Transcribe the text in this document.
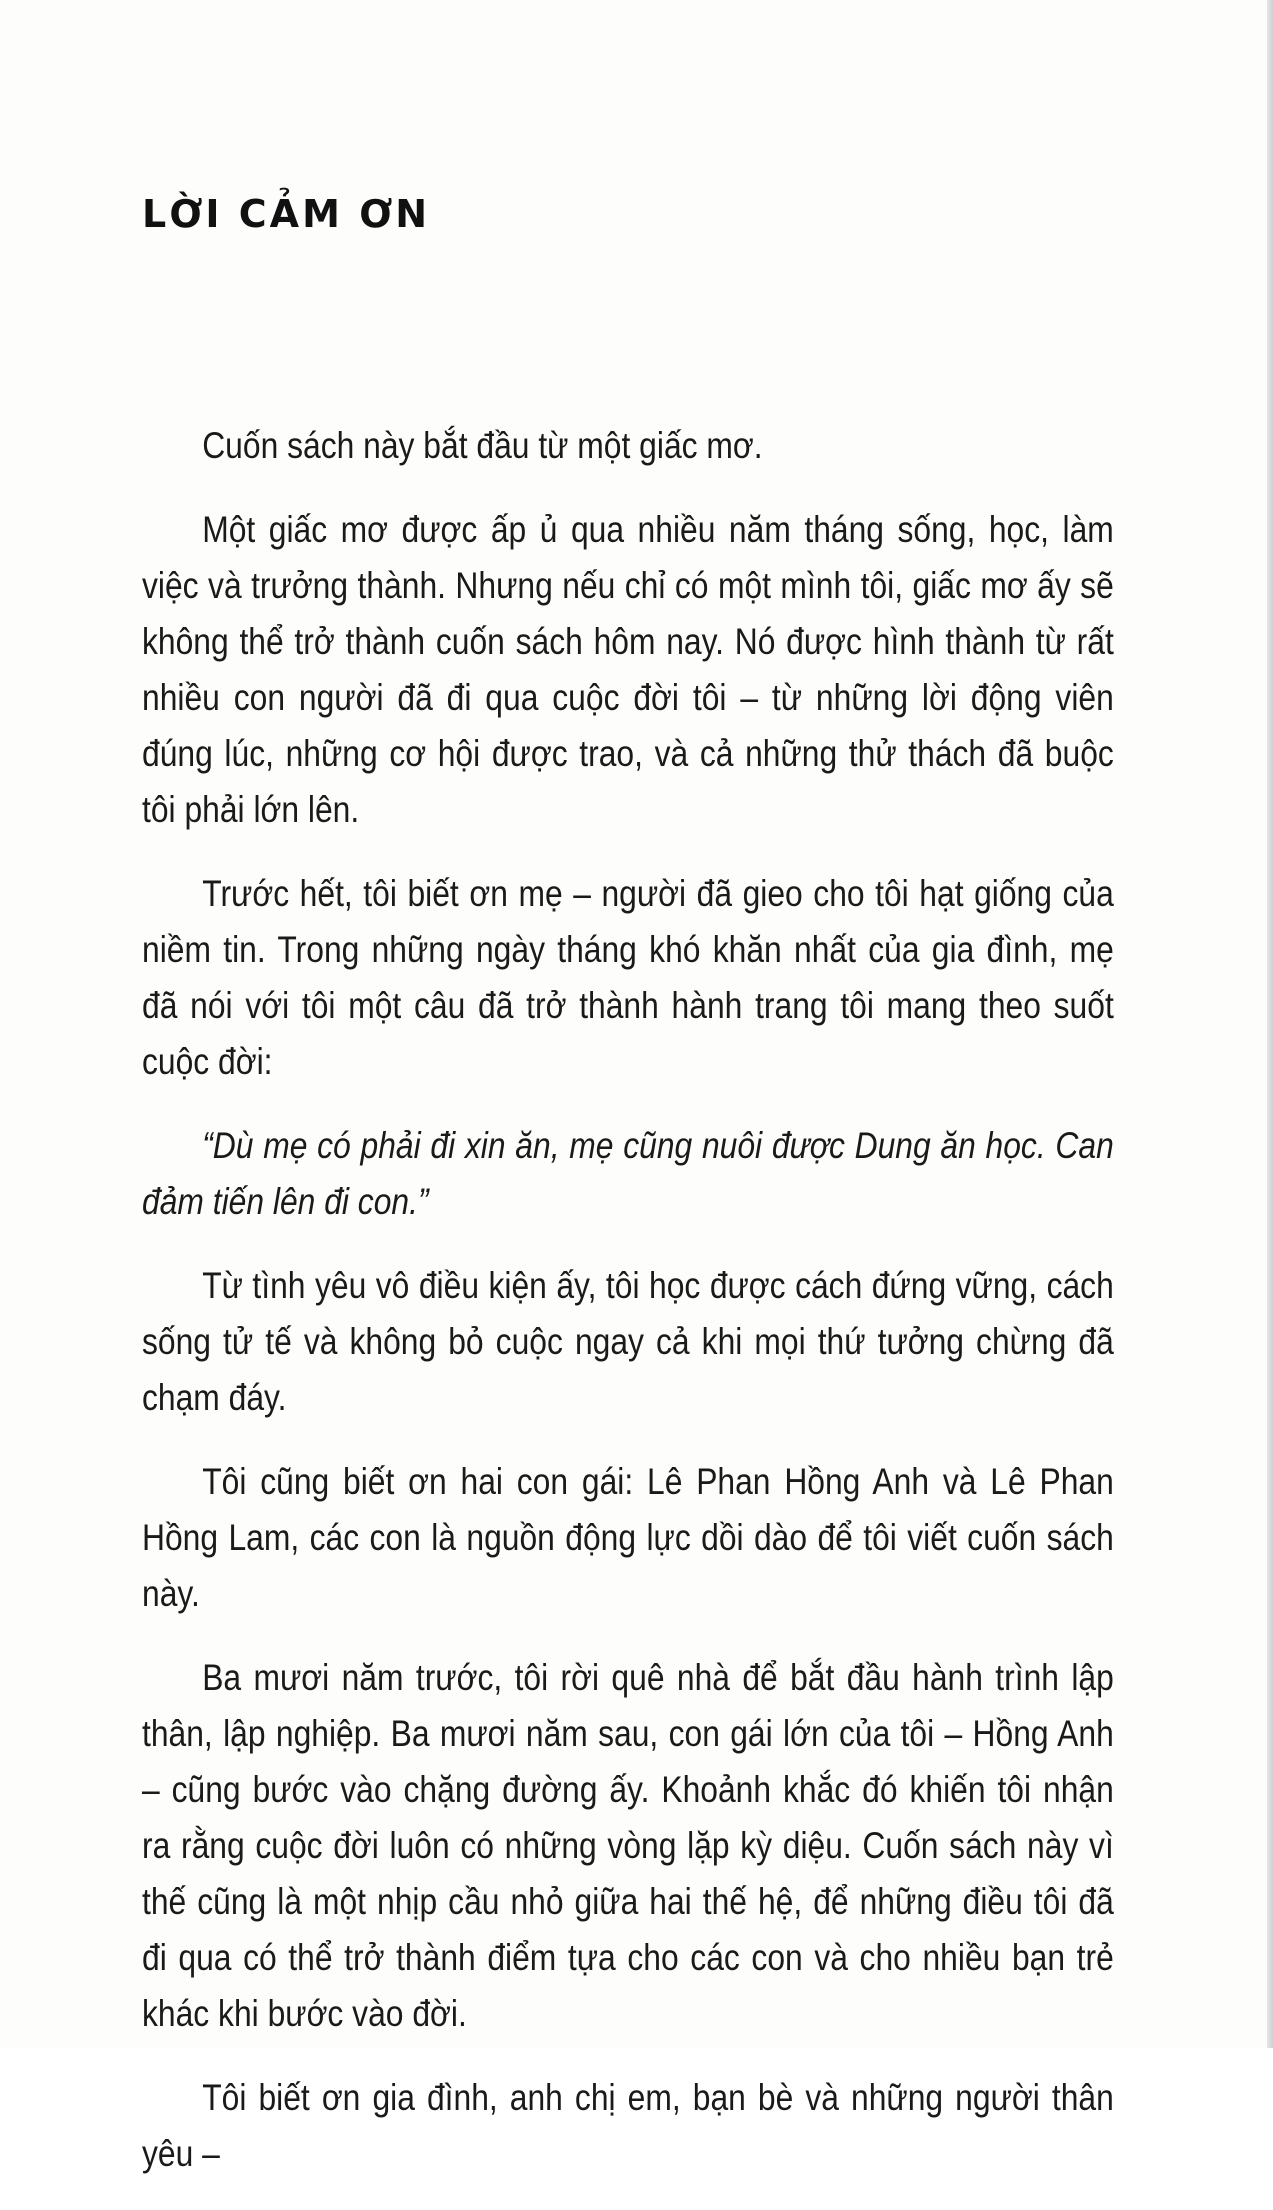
LỜI CẢM ƠN

Cuốn sách này bắt đầu từ một giấc mơ.

Một giấc mơ được ấp ủ qua nhiều năm tháng sống, học, làm việc và trưởng thành. Nhưng nếu chỉ có một mình tôi, giấc mơ ấy sẽ không thể trở thành cuốn sách hôm nay. Nó được hình thành từ rất nhiều con người đã đi qua cuộc đời tôi – từ những lời động viên đúng lúc, những cơ hội được trao, và cả những thử thách đã buộc tôi phải lớn lên.

Trước hết, tôi biết ơn mẹ – người đã gieo cho tôi hạt giống của niềm tin. Trong những ngày tháng khó khăn nhất của gia đình, mẹ đã nói với tôi một câu đã trở thành hành trang tôi mang theo suốt cuộc đời:

“Dù mẹ có phải đi xin ăn, mẹ cũng nuôi được Dung ăn học. Can đảm tiến lên đi con.”

Từ tình yêu vô điều kiện ấy, tôi học được cách đứng vững, cách sống tử tế và không bỏ cuộc ngay cả khi mọi thứ tưởng chừng đã chạm đáy.

Tôi cũng biết ơn hai con gái: Lê Phan Hồng Anh và Lê Phan Hồng Lam, các con là nguồn động lực dồi dào để tôi viết cuốn sách này.

Ba mươi năm trước, tôi rời quê nhà để bắt đầu hành trình lập thân, lập nghiệp. Ba mươi năm sau, con gái lớn của tôi – Hồng Anh – cũng bước vào chặng đường ấy. Khoảnh khắc đó khiến tôi nhận ra rằng cuộc đời luôn có những vòng lặp kỳ diệu. Cuốn sách này vì thế cũng là một nhịp cầu nhỏ giữa hai thế hệ, để những điều tôi đã đi qua có thể trở thành điểm tựa cho các con và cho nhiều bạn trẻ khác khi bước vào đời.

Tôi biết ơn gia đình, anh chị em, bạn bè và những người thân yêu –
